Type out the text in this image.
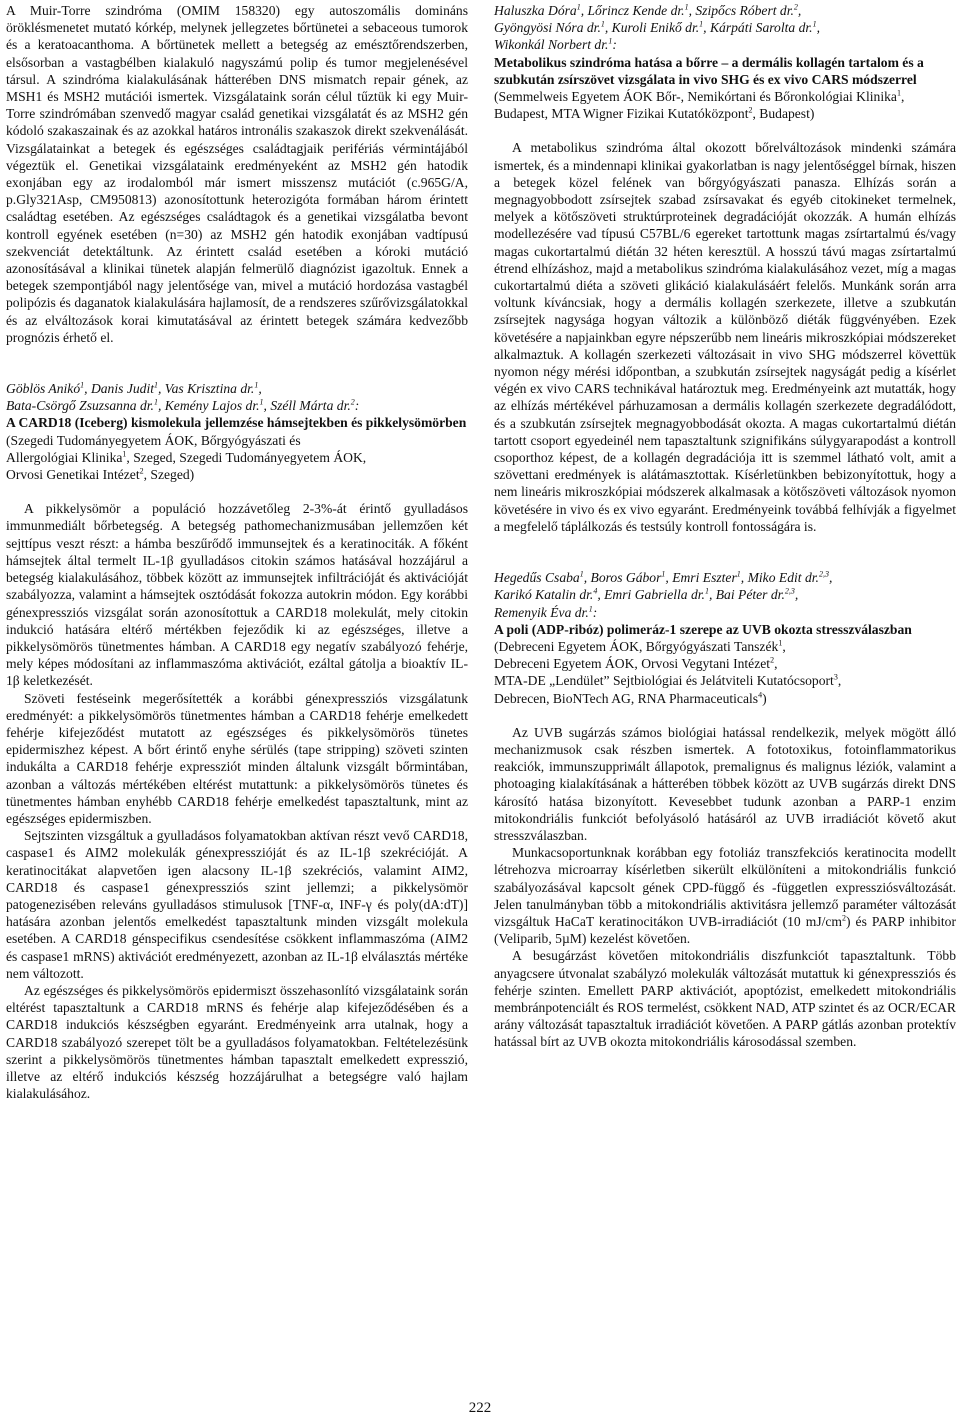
A Muir-Torre szindróma (OMIM 158320) egy autoszomális domináns öröklésmenetet mutató kórkép, melynek jellegzetes bőrtünetei a sebaceous tumorok és a keratoacanthoma. A bőrtünetek mellett a betegség az emésztőrendszerben, elsősorban a vastagbélben kialakuló nagyszámú polip és tumor megjelenésével társul. A szindróma kialakulásának hátterében DNS mismatch repair gének, az MSH1 és MSH2 mutációi ismertek. Vizsgálataink során célul tűztük ki egy Muir-Torre szindrómában szenvedő magyar család genetikai vizsgálatát és az MSH2 gén kódoló szakaszainak és az azokkal határos intronális szakaszok direkt szekvenálását. Vizsgálatainkat a betegek és egészséges családtagjaik perifériás vérmintájából végeztük el. Genetikai vizsgálataink eredményeként az MSH2 gén hatodik exonjában egy az irodalomból már ismert misszensz mutációt (c.965G/A, p.Gly321Asp, CM950813) azonosítottunk heterozigóta formában három érintett családtag esetében. Az egészséges családtagok és a genetikai vizsgálatba bevont kontroll egyének esetében (n=30) az MSH2 gén hatodik exonjában vadtípusú szekvenciát detektáltunk. Az érintett család esetében a kóroki mutáció azonosításával a klinikai tünetek alapján felmerülő diagnózist igazoltuk. Ennek a betegek szempontjából nagy jelentősége van, mivel a mutáció hordozása vastagbél polipózis és daganatok kialakulására hajlamosít, de a rendszeres szűrővizsgálatokkal és az elváltozások korai kimutatásával az érintett betegek számára kedvezőbb prognózis érhető el.

Göblös Anikó$^1$, Danis Judit$^1$, Vas Krisztina dr.$^1$,
Bata-Csörgő Zsuzsanna dr.$^1$, Kemény Lajos dr.$^1$, Széll Márta dr.$^2$:

A CARD18 (Iceberg) kismolekula jellemzése hámsejtekben és pikkelysömörben

(Szegedi Tudományegyetem ÁOK, Bőrgyógyászati és
Allergológiai Klinika$^1$, Szeged, Szegedi Tudományegyetem ÁOK,
Orvosi Genetikai Intézet$^2$, Szeged)

A pikkelysömör a populáció hozzávetőleg 2-3%-át érintő gyulladásos immunmediált bőrbetegség. A betegség pathomechanizmusában jellemzően két sejttípus veszt részt: a hámba beszűrődő immunsejtek és a keratinociták. A főként hámsejtek által termelt IL-1β gyulladásos citokin számos hatásával hozzájárul a betegség kialakulásához, többek között az immunsejtek infiltrációját és aktivációját szabályozza, valamint a hámsejtek osztódását fokozza autokrin módon. Egy korábbi génexpressziós vizsgálat során azonosítottuk a CARD18 molekulát, mely citokin indukció hatására eltérő mértékben fejeződik ki az egészséges, illetve a pikkelysömörös tünetmentes hámban. A CARD18 egy negatív szabályozó fehérje, mely képes módosítani az inflammaszóma aktivációt, ezáltal gátolja a bioaktív IL-1β keletkezését.

Szöveti festéseink megerősítették a korábbi génexpressziós vizsgálatunk eredményét: a pikkelysömörös tünetmentes hámban a CARD18 fehérje emelkedett fehérje kifejeződést mutatott az egészséges és pikkelysömörös tünetes epidermiszhez képest. A bőrt érintő enyhe sérülés (tape stripping) szöveti szinten indukálta a CARD18 fehérje expressziót minden általunk vizsgált bőrmintában, azonban a változás mértékében eltérést mutattunk: a pikkelysömörös tünetes és tünetmentes hámban enyhébb CARD18 fehérje emelkedést tapasztaltunk, mint az egészséges epidermiszben.

Sejtszinten vizsgáltuk a gyulladásos folyamatokban aktívan részt vevő CARD18, caspase1 és AIM2 molekulák génexpresszióját és az IL-1β szekrécióját. A keratinocitákat alapvetően igen alacsony IL-1β szekréciós, valamint AIM2, CARD18 és caspase1 génexpressziós szint jellemzi; a pikkelysömör patogenezisében releváns gyulladásos stimulusok [TNF-α, INF-γ és poly(dA:dT)] hatására azonban jelentős emelkedést tapasztaltunk minden vizsgált molekula esetében. A CARD18 génspecifikus csendesítése csökkent inflammaszóma (AIM2 és caspase1 mRNS) aktivációt eredményezett, azonban az IL-1β elválasztás mértéke nem változott.

Az egészséges és pikkelysömörös epidermiszt összehasonlító vizsgálataink során eltérést tapasztaltunk a CARD18 mRNS és fehérje alap kifejeződésében és a CARD18 indukciós készségben egyaránt. Eredményeink arra utalnak, hogy a CARD18 szabályozó szerepet tölt be a gyulladásos folyamatokban. Feltételezésünk szerint a pikkelysömörös tünetmentes hámban tapasztalt emelkedett expresszió, illetve az eltérő indukciós készség hozzájárulhat a betegségre való hajlam kialakulásához.

Haluszka Dóra$^1$, Lőrincz Kende dr.$^1$, Szipőcs Róbert dr.$^2$,
Gyöngyösi Nóra dr.$^1$, Kuroli Enikő dr.$^1$, Kárpáti Sarolta dr.$^1$,
Wikonkál Norbert dr.$^1$:

Metabolikus szindróma hatása a bőrre – a dermális kollagén tartalom és a szubkután zsírszövet vizsgálata in vivo SHG és ex vivo CARS módszerrel

(Semmelweis Egyetem ÁOK Bőr-, Nemikórtani és Bőronkológiai Klinika$^1$, Budapest, MTA Wigner Fizikai Kutatóközpont$^2$, Budapest)

A metabolikus szindróma által okozott bőrelváltozások mindenki számára ismertek, és a mindennapi klinikai gyakorlatban is nagy jelentőséggel bírnak, hiszen a betegek közel felének van bőrgyógyászati panasza. Elhízás során a megnagyobbodott zsírsejtek szabad zsírsavakat és egyéb citokineket termelnek, melyek a kötőszöveti struktúrproteinek degradációját okozzák. A humán elhízás modellezésére vad típusú C57BL/6 egereket tartottunk magas zsírtartalmú és/vagy magas cukortartalmú diétán 32 héten keresztül. A hosszú távú magas zsírtartalmú étrend elhízáshoz, majd a metabolikus szindróma kialakulásához vezet, míg a magas cukortartalmú diéta a szöveti glikáció kialakulásáért felelős. Munkánk során arra voltunk kíváncsiak, hogy a dermális kollagén szerkezete, illetve a szubkután zsírsejtek nagysága hogyan változik a különböző diéták függvényében. Ezek követésére a napjainkban egyre népszerűbb nem lineáris mikroszkópiai módszereket alkalmaztuk. A kollagén szerkezeti változásait in vivo SHG módszerrel követtük nyomon négy mérési időpontban, a szubkután zsírsejtek nagyságát pedig a kísérlet végén ex vivo CARS technikával határoztuk meg. Eredményeink azt mutatták, hogy az elhízás mértékével párhuzamosan a dermális kollagén szerkezete degradálódott, és a szubkután zsírsejtek megnagyobbodását okozta. A magas cukortartalmú diétán tartott csoport egyedeinél nem tapasztaltunk szignifikáns súlygyarapodást a kontroll csoporthoz képest, de a kollagén degradációja itt is szemmel látható volt, amit a szövettani eredmények is alátámasztottak. Kísérletünkben bebizonyítottuk, hogy a nem lineáris mikroszkópiai módszerek alkalmasak a kötőszöveti változások nyomon követésére in vivo és ex vivo egyaránt. Eredményeink továbbá felhívják a figyelmet a megfelelő táplálkozás és testsúly kontroll fontosságára is.

Hegedűs Csaba$^1$, Boros Gábor$^1$, Emri Eszter$^1$, Miko Edit dr.$^{2,3}$,
Karikó Katalin dr.$^4$, Emri Gabriella dr.$^1$, Bai Péter dr.$^{2,3}$,
Remenyik Éva dr.$^1$:

A poli (ADP-ribóz) polimeráz-1 szerepe az UVB okozta stresszválaszban

(Debreceni Egyetem ÁOK, Bőrgyógyászati Tanszék$^1$,
Debreceni Egyetem ÁOK, Orvosi Vegytani Intézet$^2$,
MTA-DE „Lendület” Sejtbiológiai és Jelátviteli Kutatócsoport$^3$,
Debrecen, BioNTech AG, RNA Pharmaceuticals$^4$)

Az UVB sugárzás számos biológiai hatással rendelkezik, melyek mögött álló mechanizmusok csak részben ismertek. A fototoxikus, fotoinflammatorikus reakciók, immunszuppriмált állapotok, premalignus és malignus léziók, valamint a photoaging kialakításának a hátterében többek között az UVB sugárzás direkt DNS károsító hatása bizonyított. Kevesebbet tudunk azonban a PARP-1 enzim mitokondriális funkciót befolyásoló hatásáról az UVB irradiációt követő akut stresszválaszban.

Munkacsoportunknak korábban egy fotoliáz transzfekciós keratinocita modellt létrehozva microarray kísérletben sikerült elkülöníteni a mitokondriális funkció szabályozásával kapcsolt gének CPD-függő és -független expressziósváltozását. Jelen tanulmányban több a mitokondriális aktivitásra jellemző paraméter változását vizsgáltuk HaCaT keratinocitákon UVB-irradiációt (10 $mJ/cm^2$) és PARP inhibitor (Veliparib, 5µM) kezelést követően.

A besugárzást követően mitokondriális diszfunkciót tapasztaltunk. Több anyagcsere útvonalat szabályzó molekulák változását mutattuk ki génexpressziós és fehérje szinten. Emellett PARP aktivációt, apoptózist, emelkedett mitokondriális membránpotenciált és ROS termelést, csökkent NAD, ATP szintet és az OCR/ECAR arány változását tapasztaltuk irradiációt követően. A PARP gátlás azonban protektív hatással bírt az UVB okozta mitokondriális károsodással szemben.

222
